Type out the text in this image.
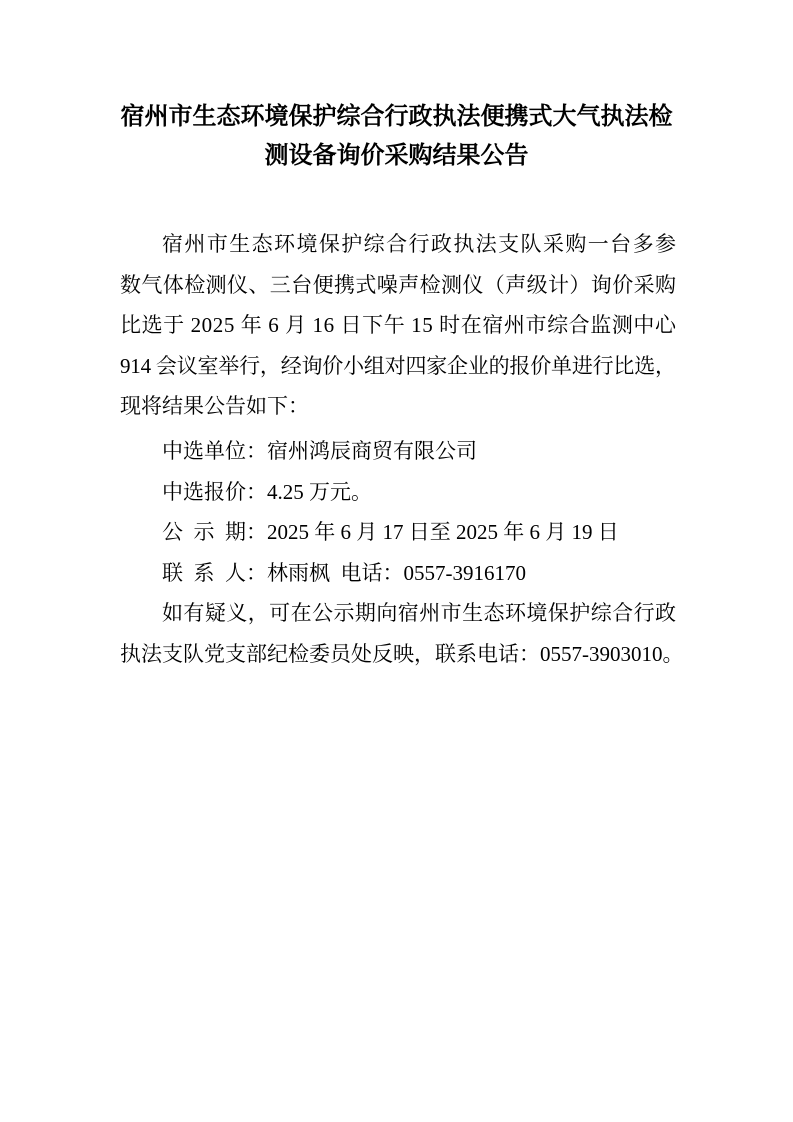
宿州市生态环境保护综合行政执法便携式大气执法检
测设备询价采购结果公告
宿州市生态环境保护综合行政执法支队采购一台多参
数气体检测仪、三台便携式噪声检测仪（声级计）询价采购
比选于 2025 年 6 月 16 日下午 15 时在宿州市综合监测中心
914 会议室举行，经询价小组对四家企业的报价单进行比选，
现将结果公告如下：
中选单位：宿州鸿辰商贸有限公司
中选报价：4.25 万元。
公 示 期：2025 年 6 月 17 日至 2025 年 6 月 19 日
联 系 人：林雨枫 电话：0557-3916170
如有疑义，可在公示期向宿州市生态环境保护综合行政
执法支队党支部纪检委员处反映，联系电话：0557-3903010。
